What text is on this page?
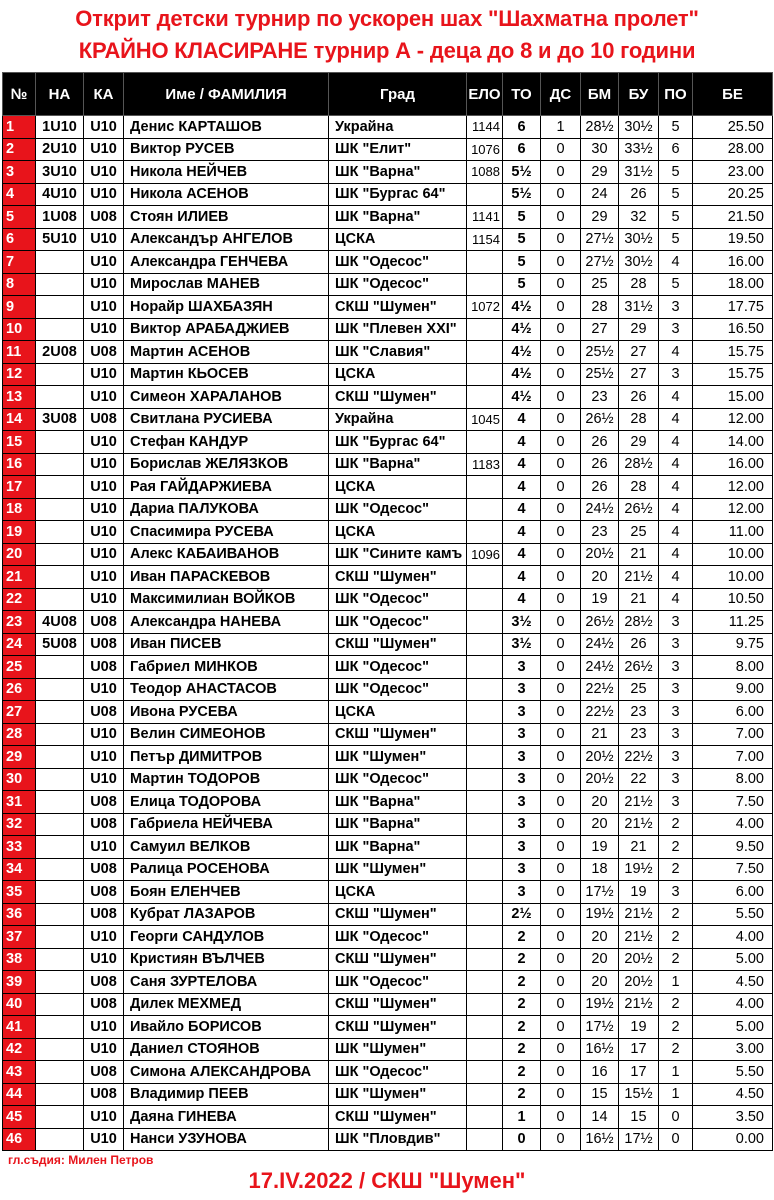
Открит детски турнир по ускорен шах "Шахматна пролет"
КРАЙНО КЛАСИРАНЕ турнир А - деца до 8 и до 10 години
№	НА	КА	Име / ФАМИЛИЯ	Град	ЕЛО	ТО	ДС	БМ	БУ	ПО	БЕ
1	1U10	U10	Денис КАРТАШОВ	Украйна	1144	6	1	28½	30½	5	25.50
2	2U10	U10	Виктор РУСЕВ	ШК "Елит"	1076	6	0	30	33½	6	28.00
3	3U10	U10	Никола НЕЙЧЕВ	ШК "Варна"	1088	5½	0	29	31½	5	23.00
4	4U10	U10	Никола АСЕНОВ	ШК "Бургас 64"		5½	0	24	26	5	20.25
5	1U08	U08	Стоян ИЛИЕВ	ШК "Варна"	1141	5	0	29	32	5	21.50
6	5U10	U10	Александър АНГЕЛОВ	ЦСКА	1154	5	0	27½	30½	5	19.50
7		U10	Александра ГЕНЧЕВА	ШК "Одесос"		5	0	27½	30½	4	16.00
8		U10	Мирослав МАНЕВ	ШК "Одесос"		5	0	25	28	5	18.00
9		U10	Норайр ШАХБАЗЯН	СКШ "Шумен"	1072	4½	0	28	31½	3	17.75
10		U10	Виктор АРАБАДЖИЕВ	ШК "Плевен XXI"		4½	0	27	29	3	16.50
11	2U08	U08	Мартин АСЕНОВ	ШК "Славия"		4½	0	25½	27	4	15.75
12		U10	Мартин КЬОСЕВ	ЦСКА		4½	0	25½	27	3	15.75
13		U10	Симеон ХАРАЛАНОВ	СКШ "Шумен"		4½	0	23	26	4	15.00
14	3U08	U08	Свитлана РУСИЕВА	Украйна	1045	4	0	26½	28	4	12.00
15		U10	Стефан КАНДУР	ШК "Бургас 64"		4	0	26	29	4	14.00
16		U10	Борислав ЖЕЛЯЗКОВ	ШК "Варна"	1183	4	0	26	28½	4	16.00
17		U10	Рая ГАЙДАРЖИЕВА	ЦСКА		4	0	26	28	4	12.00
18		U10	Дариа ПАЛУКОВА	ШК "Одесос"		4	0	24½	26½	4	12.00
19		U10	Спасимира РУСЕВА	ЦСКА		4	0	23	25	4	11.00
20		U10	Алекс КАБАИВАНОВ	ШК "Сините камъ	1096	4	0	20½	21	4	10.00
21		U10	Иван ПАРАСКЕВОВ	СКШ "Шумен"		4	0	20	21½	4	10.00
22		U10	Максимилиан ВОЙКОВ	ШК "Одесос"		4	0	19	21	4	10.50
23	4U08	U08	Александра НАНЕВА	ШК "Одесос"		3½	0	26½	28½	3	11.25
24	5U08	U08	Иван ПИСЕВ	СКШ "Шумен"		3½	0	24½	26	3	9.75
25		U08	Габриел МИНКОВ	ШК "Одесос"		3	0	24½	26½	3	8.00
26		U10	Теодор АНАСТАСОВ	ШК "Одесос"		3	0	22½	25	3	9.00
27		U08	Ивона РУСЕВА	ЦСКА		3	0	22½	23	3	6.00
28		U10	Велин СИМЕОНОВ	СКШ "Шумен"		3	0	21	23	3	7.00
29		U10	Петър ДИМИТРОВ	ШК "Шумен"		3	0	20½	22½	3	7.00
30		U10	Мартин ТОДОРОВ	ШК "Одесос"		3	0	20½	22	3	8.00
31		U08	Елица ТОДОРОВА	ШК "Варна"		3	0	20	21½	3	7.50
32		U08	Габриела НЕЙЧЕВА	ШК "Варна"		3	0	20	21½	2	4.00
33		U10	Самуил ВЕЛКОВ	ШК "Варна"		3	0	19	21	2	9.50
34		U08	Ралица РОСЕНОВА	ШК "Шумен"		3	0	18	19½	2	7.50
35		U08	Боян ЕЛЕНЧЕВ	ЦСКА		3	0	17½	19	3	6.00
36		U08	Кубрат ЛАЗАРОВ	СКШ "Шумен"		2½	0	19½	21½	2	5.50
37		U10	Георги САНДУЛОВ	ШК "Одесос"		2	0	20	21½	2	4.00
38		U10	Кристиян ВЪЛЧЕВ	СКШ "Шумен"		2	0	20	20½	2	5.00
39		U08	Саня ЗУРТЕЛОВА	ШК "Одесос"		2	0	20	20½	1	4.50
40		U08	Дилек МЕХМЕД	СКШ "Шумен"		2	0	19½	21½	2	4.00
41		U10	Ивайло БОРИСОВ	СКШ "Шумен"		2	0	17½	19	2	5.00
42		U10	Даниел СТОЯНОВ	ШК "Шумен"		2	0	16½	17	2	3.00
43		U08	Симона АЛЕКСАНДРОВА	ШК "Одесос"		2	0	16	17	1	5.50
44		U08	Владимир ПЕЕВ	ШК "Шумен"		2	0	15	15½	1	4.50
45		U10	Даяна ГИНЕВА	СКШ "Шумен"		1	0	14	15	0	3.50
46		U10	Нанси УЗУНОВА	ШК "Пловдив"		0	0	16½	17½	0	0.00
гл.съдия: Милен Петров
17.IV.2022 / СКШ "Шумен"
